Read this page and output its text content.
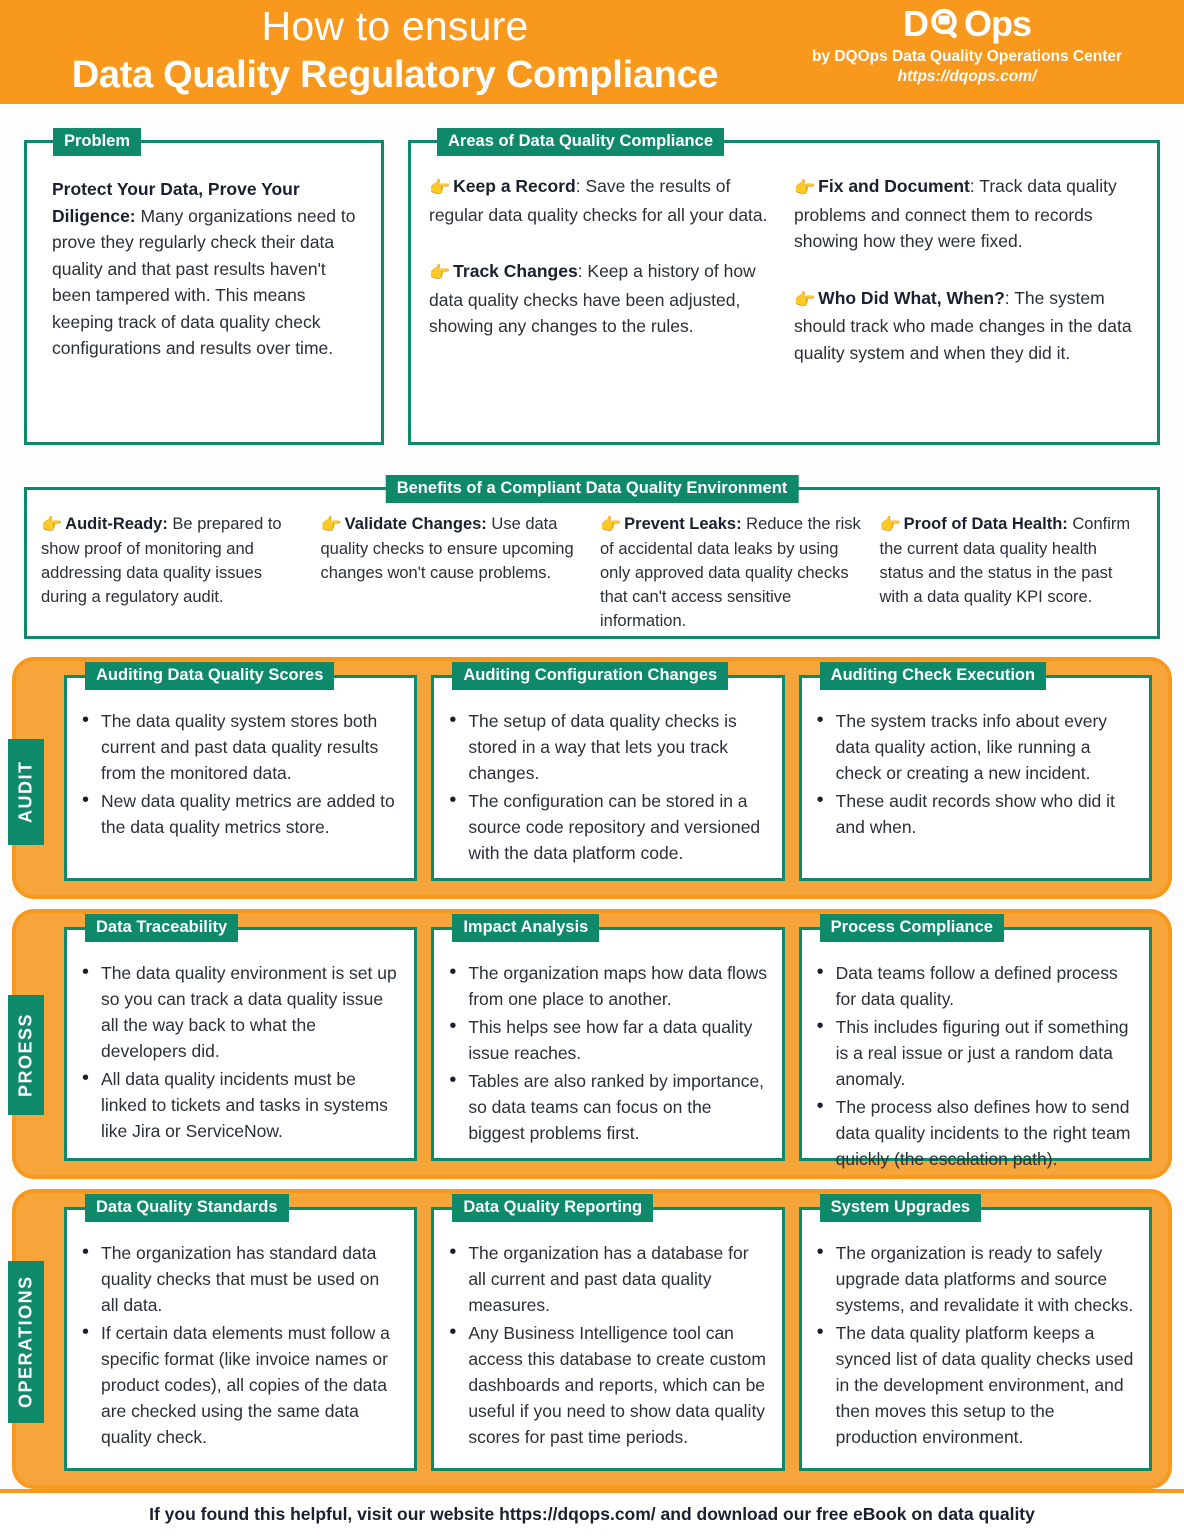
How to ensure
Data Quality Regulatory Compliance
D Ops
by DQOps Data Quality Operations Center
https://dqops.com/
Problem
Protect Your Data, Prove Your Diligence: Many organizations need to prove they regularly check their data quality and that past results haven't been tampered with. This means keeping track of data quality check configurations and results over time.
Areas of Data Quality Compliance
👉 Keep a Record: Save the results of regular data quality checks for all your data.
👉 Track Changes: Keep a history of how data quality checks have been adjusted, showing any changes to the rules.
👉 Fix and Document: Track data quality problems and connect them to records showing how they were fixed.
👉 Who Did What, When?: The system should track who made changes in the data quality system and when they did it.
Benefits of a Compliant Data Quality Environment
👉 Audit-Ready: Be prepared to show proof of monitoring and addressing data quality issues during a regulatory audit.
👉 Validate Changes: Use data quality checks to ensure upcoming changes won't cause problems.
👉 Prevent Leaks: Reduce the risk of accidental data leaks by using only approved data quality checks that can't access sensitive information.
👉 Proof of Data Health: Confirm the current data quality health status and the status in the past with a data quality KPI score.
AUDIT
Auditing Data Quality Scores
• The data quality system stores both current and past data quality results from the monitored data.
• New data quality metrics are added to the data quality metrics store.
Auditing Configuration Changes
• The setup of data quality checks is stored in a way that lets you track changes.
• The configuration can be stored in a source code repository and versioned with the data platform code.
Auditing Check Execution
• The system tracks info about every data quality action, like running a check or creating a new incident.
• These audit records show who did it and when.
PROESS
Data Traceability
• The data quality environment is set up so you can track a data quality issue all the way back to what the developers did.
• All data quality incidents must be linked to tickets and tasks in systems like Jira or ServiceNow.
Impact Analysis
• The organization maps how data flows from one place to another.
• This helps see how far a data quality issue reaches.
• Tables are also ranked by importance, so data teams can focus on the biggest problems first.
Process Compliance
• Data teams follow a defined process for data quality.
• This includes figuring out if something is a real issue or just a random data anomaly.
• The process also defines how to send data quality incidents to the right team quickly (the escalation path).
OPERATIONS
Data Quality Standards
• The organization has standard data quality checks that must be used on all data.
• If certain data elements must follow a specific format (like invoice names or product codes), all copies of the data are checked using the same data quality check.
Data Quality Reporting
• The organization has a database for all current and past data quality measures.
• Any Business Intelligence tool can access this database to create custom dashboards and reports, which can be useful if you need to show data quality scores for past time periods.
System Upgrades
• The organization is ready to safely upgrade data platforms and source systems, and revalidate it with checks.
• The data quality platform keeps a synced list of data quality checks used in the development environment, and then moves this setup to the production environment.
If you found this helpful, visit our website https://dqops.com/ and download our free eBook on data quality
